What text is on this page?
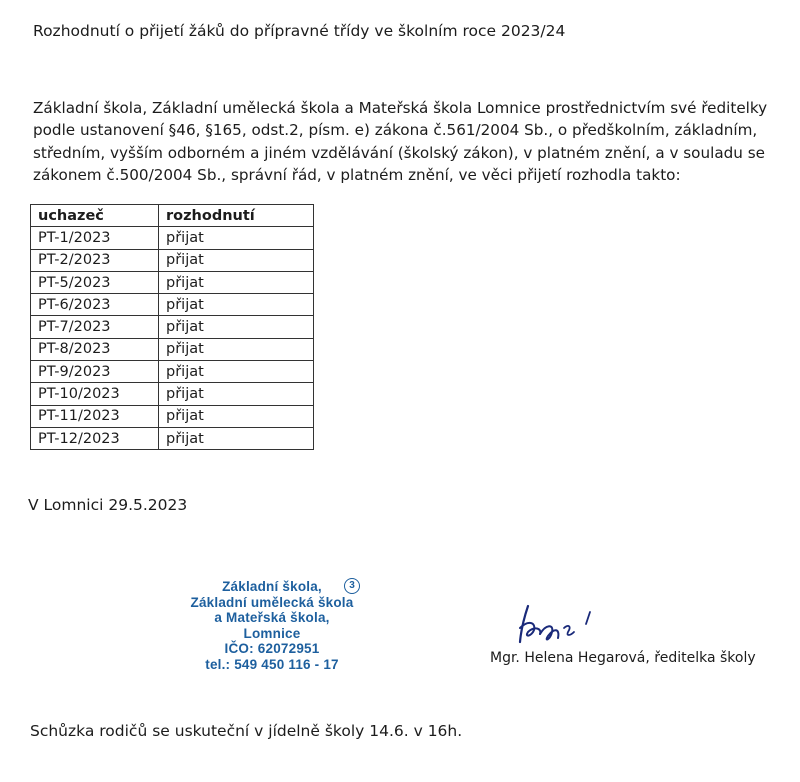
Rozhodnutí o přijetí žáků do přípravné třídy ve školním roce 2023/24

Základní škola, Základní umělecká škola a Mateřská škola Lomnice prostřednictvím své ředitelky

podle ustanovení §46, §165, odst.2, písm. e) zákona č.561/2004 Sb., o předškolním, základním,

středním, vyšším odborném a jiném vzdělávání (školský zákon), v platném znění, a v souladu se

zákonem č.500/2004 Sb., správní řád, v platném znění, ve věci přijetí rozhodla takto:

uchazeč	rozhodnutí
PT-1/2023	přijat
PT-2/2023	přijat
PT-5/2023	přijat
PT-6/2023	přijat
PT-7/2023	přijat
PT-8/2023	přijat
PT-9/2023	přijat
PT-10/2023	přijat
PT-11/2023	přijat
PT-12/2023	přijat
V Lomnici 29.5.2023
Základní škola,
Základní umělecká škola
a Mateřská škola,
Lomnice
IČO: 62072951
tel.: 549 450 116 - 17
3
Mgr. Helena Hegarová, ředitelka školy
Schůzka rodičů se uskuteční v jídelně školy 14.6. v 16h.
